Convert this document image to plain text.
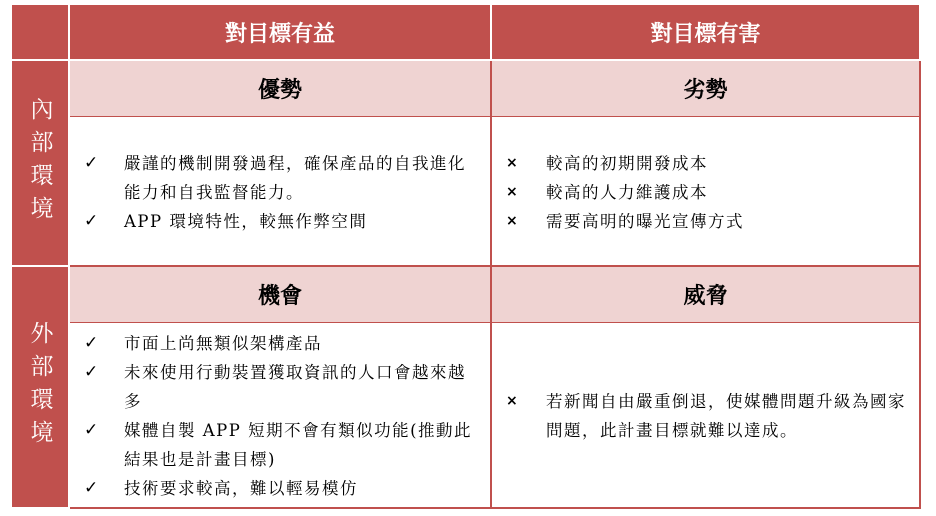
對目標有益	對目標有害
內部環境
優勢	劣勢
✓	嚴謹的機制開發過程，確保產品的自我進化能力和自我監督能力。
✓	APP 環境特性，較無作弊空間
×	較高的初期開發成本
×	較高的人力維護成本
×	需要高明的曝光宣傳方式
外部環境
機會	威脅
✓	市面上尚無類似架構產品
✓	未來使用行動裝置獲取資訊的人口會越來越多
✓	媒體自製 APP 短期不會有類似功能(推動此結果也是計畫目標)
✓	技術要求較高，難以輕易模仿
×	若新聞自由嚴重倒退，使媒體問題升級為國家問題，此計畫目標就難以達成。
